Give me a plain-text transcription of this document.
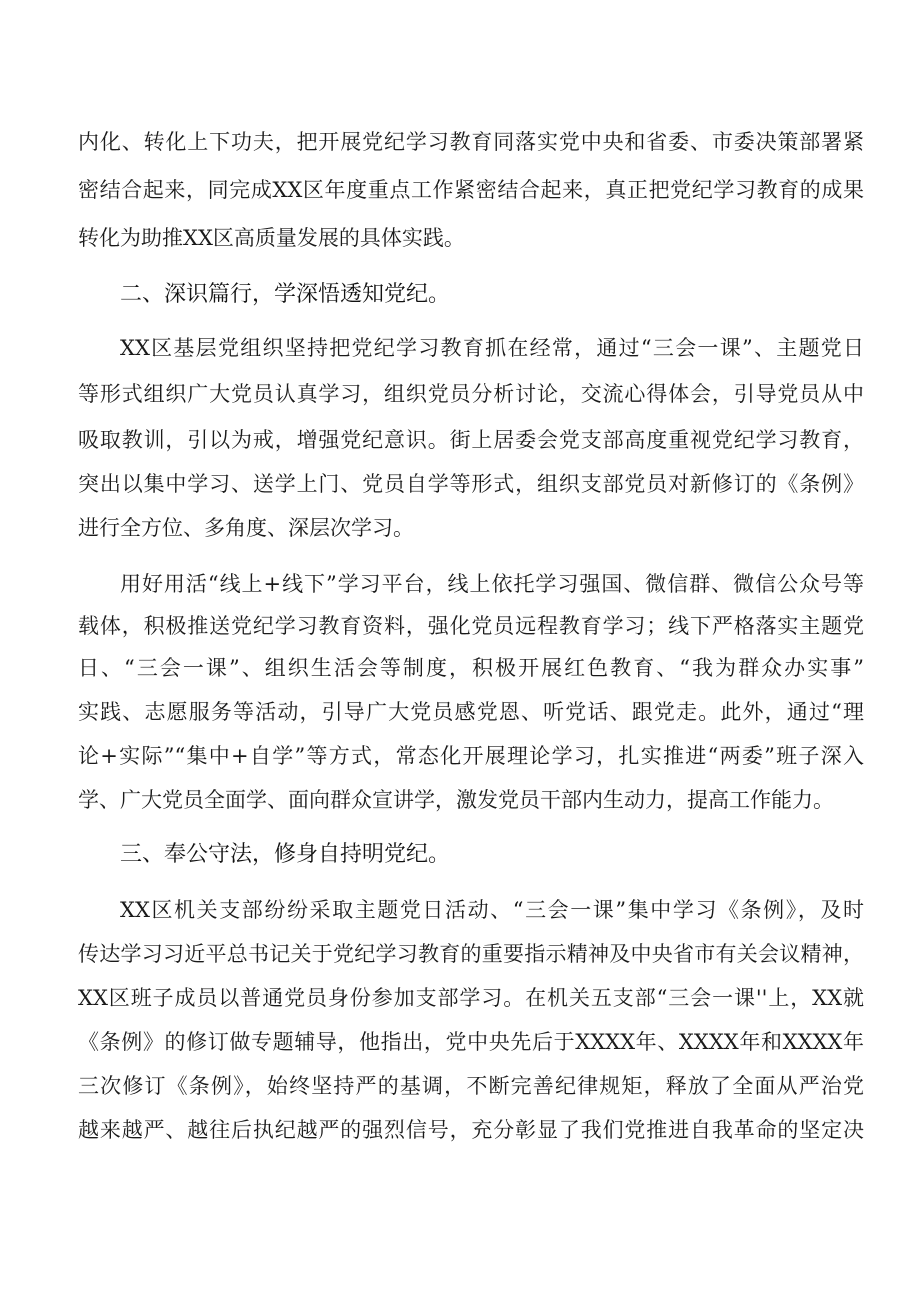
内化、转化上下功夫，把开展党纪学习教育同落实党中央和省委、市委决策部署紧
密结合起来，同完成XX区年度重点工作紧密结合起来，真正把党纪学习教育的成果
转化为助推XX区高质量发展的具体实践。
二、深识篇行，学深悟透知党纪。
XX区基层党组织坚持把党纪学习教育抓在经常，通过“三会一课”、主题党日
等形式组织广大党员认真学习，组织党员分析讨论，交流心得体会，引导党员从中
吸取教训，引以为戒，增强党纪意识。街上居委会党支部高度重视党纪学习教育，
突出以集中学习、送学上门、党员自学等形式，组织支部党员对新修订的《条例》
进行全方位、多角度、深层次学习。
用好用活“线上+线下”学习平台，线上依托学习强国、微信群、微信公众号等
载体，积极推送党纪学习教育资料，强化党员远程教育学习；线下严格落实主题党
日、“三会一课”、组织生活会等制度，积极开展红色教育、“我为群众办实事”
实践、志愿服务等活动，引导广大党员感党恩、听党话、跟党走。此外，通过“理
论+实际”“集中+自学”等方式，常态化开展理论学习，扎实推进“两委”班子深入
学、广大党员全面学、面向群众宣讲学，激发党员干部内生动力，提高工作能力。
三、奉公守法，修身自持明党纪。
XX区机关支部纷纷采取主题党日活动、“三会一课”集中学习《条例》，及时
传达学习习近平总书记关于党纪学习教育的重要指示精神及中央省市有关会议精神，
XX区班子成员以普通党员身份参加支部学习。在机关五支部“三会一课''上，XX就
《条例》的修订做专题辅导，他指出，党中央先后于XXXX年、XXXX年和XXXX年
三次修订《条例》，始终坚持严的基调，不断完善纪律规矩，释放了全面从严治党
越来越严、越往后执纪越严的强烈信号，充分彰显了我们党推进自我革命的坚定决
